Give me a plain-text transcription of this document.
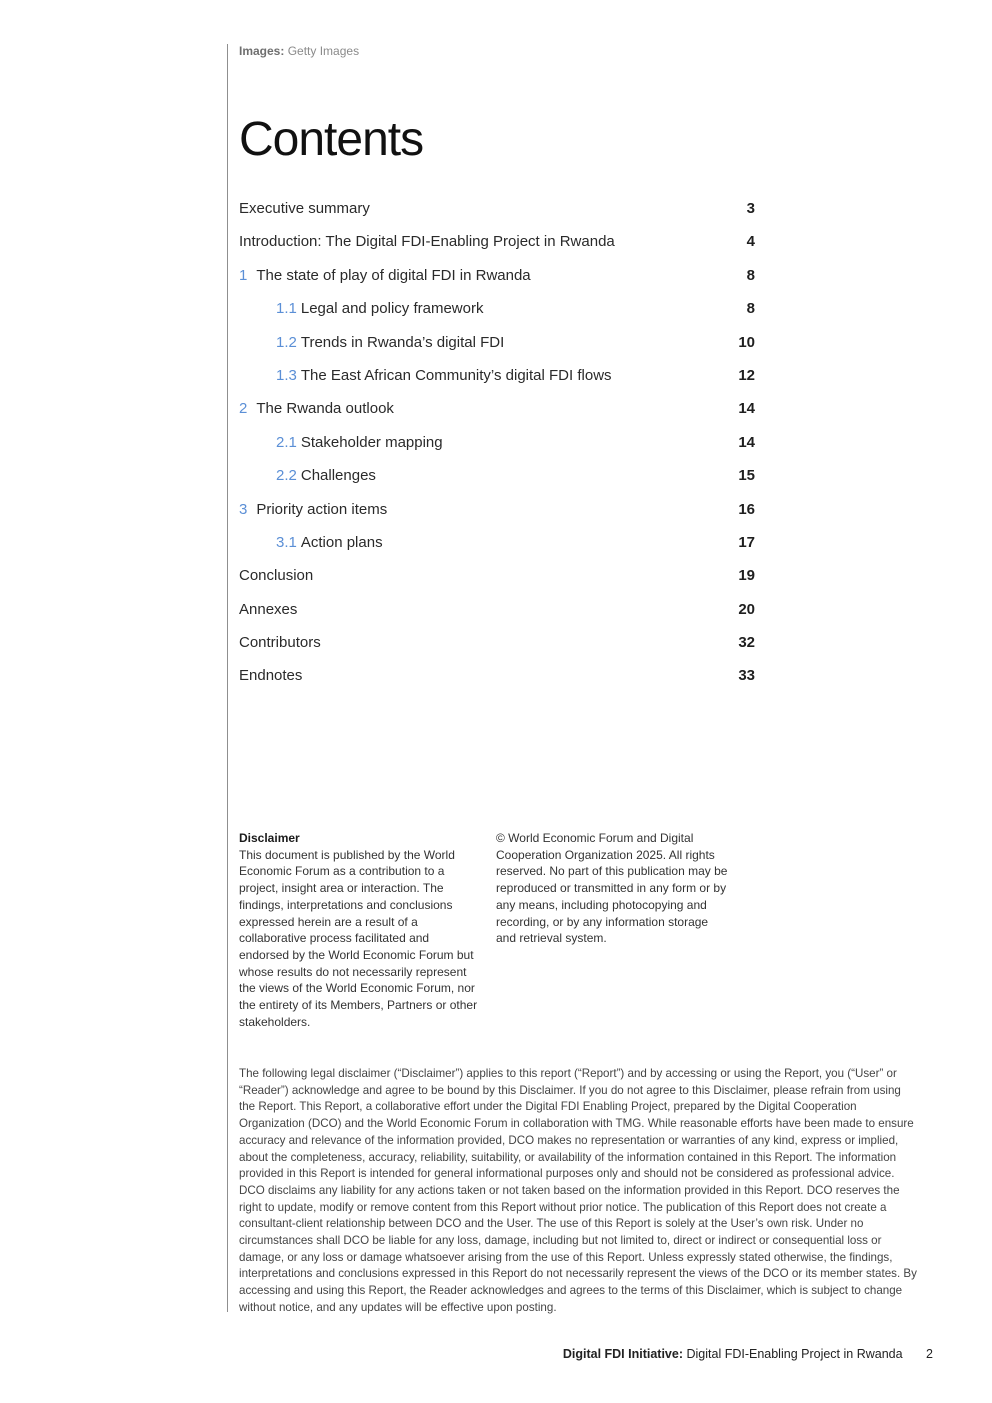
Images: Getty Images
Contents
Executive summary	3
Introduction: The Digital FDI-Enabling Project in Rwanda	4
1 The state of play of digital FDI in Rwanda	8
1.1 Legal and policy framework	8
1.2 Trends in Rwanda’s digital FDI	10
1.3 The East African Community’s digital FDI flows	12
2 The Rwanda outlook	14
2.1 Stakeholder mapping	14
2.2 Challenges	15
3 Priority action items	16
3.1 Action plans	17
Conclusion	19
Annexes	20
Contributors	32
Endnotes	33
Disclaimer
This document is published by the World Economic Forum as a contribution to a project, insight area or interaction. The findings, interpretations and conclusions expressed herein are a result of a collaborative process facilitated and endorsed by the World Economic Forum but whose results do not necessarily represent the views of the World Economic Forum, nor the entirety of its Members, Partners or other stakeholders.
© World Economic Forum and Digital Cooperation Organization 2025. All rights reserved. No part of this publication may be reproduced or transmitted in any form or by any means, including photocopying and recording, or by any information storage and retrieval system.
The following legal disclaimer (“Disclaimer”) applies to this report (“Report”) and by accessing or using the Report, you (“User” or “Reader”) acknowledge and agree to be bound by this Disclaimer. If you do not agree to this Disclaimer, please refrain from using the Report. This Report, a collaborative effort under the Digital FDI Enabling Project, prepared by the Digital Cooperation Organization (DCO) and the World Economic Forum in collaboration with TMG. While reasonable efforts have been made to ensure accuracy and relevance of the information provided, DCO makes no representation or warranties of any kind, express or implied, about the completeness, accuracy, reliability, suitability, or availability of the information contained in this Report. The information provided in this Report is intended for general informational purposes only and should not be considered as professional advice. DCO disclaims any liability for any actions taken or not taken based on the information provided in this Report. DCO reserves the right to update, modify or remove content from this Report without prior notice. The publication of this Report does not create a consultant-client relationship between DCO and the User. The use of this Report is solely at the User’s own risk. Under no circumstances shall DCO be liable for any loss, damage, including but not limited to, direct or indirect or consequential loss or damage, or any loss or damage whatsoever arising from the use of this Report. Unless expressly stated otherwise, the findings, interpretations and conclusions expressed in this Report do not necessarily represent the views of the DCO or its member states. By accessing and using this Report, the Reader acknowledges and agrees to the terms of this Disclaimer, which is subject to change without notice, and any updates will be effective upon posting.
Digital FDI Initiative: Digital FDI-Enabling Project in Rwanda 2
